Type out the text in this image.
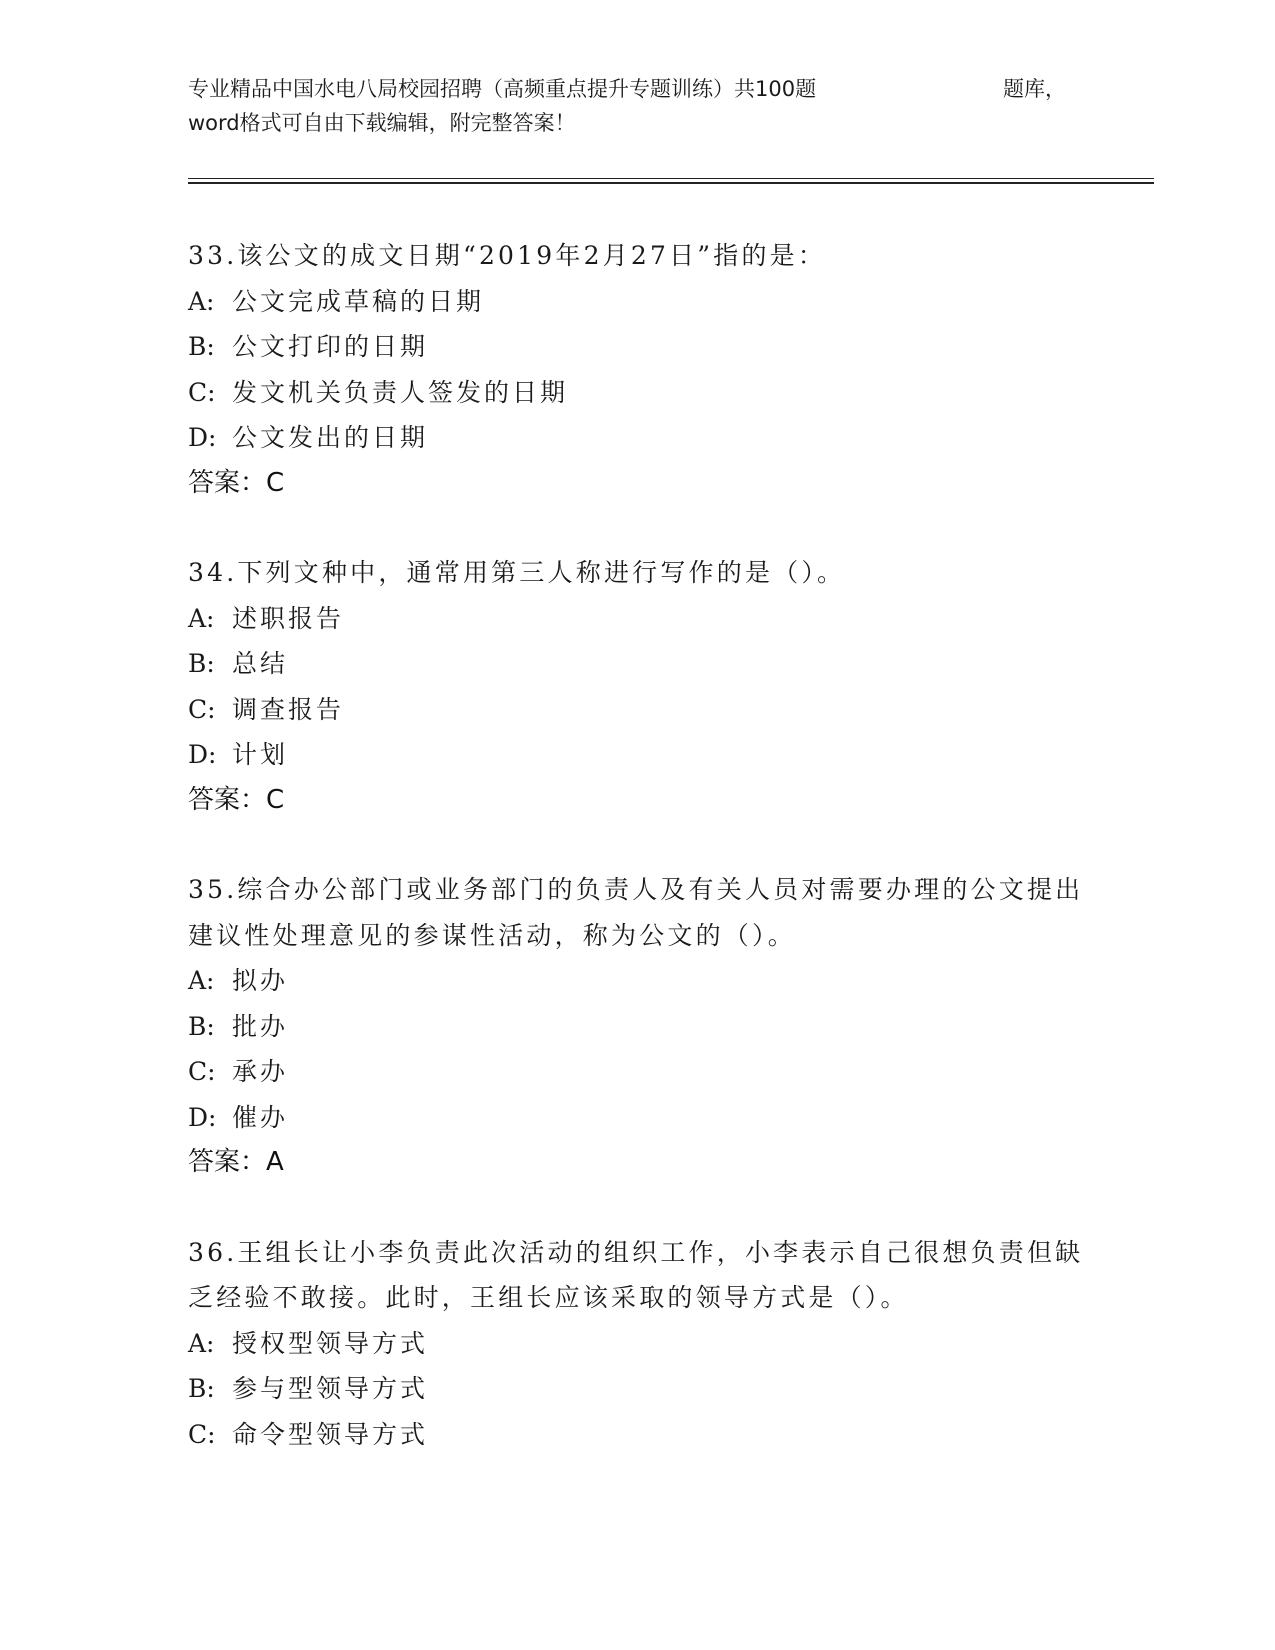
专业精品中国水电八局校园招聘（高频重点提升专题训练）共100题	题库，
word格式可自由下载编辑，附完整答案！
33.该公文的成文日期“2019年2月27日”指的是：
A: 公文完成草稿的日期
B: 公文打印的日期
C: 发文机关负责人签发的日期
D: 公文发出的日期
答案：C
34.下列文种中，通常用第三人称进行写作的是（）。
A: 述职报告
B: 总结
C: 调查报告
D: 计划
答案：C
35.综合办公部门或业务部门的负责人及有关人员对需要办理的公文提出建议性处理意见的参谋性活动，称为公文的（）。
A: 拟办
B: 批办
C: 承办
D: 催办
答案：A
36.王组长让小李负责此次活动的组织工作，小李表示自己很想负责但缺乏经验不敢接。此时，王组长应该采取的领导方式是（）。
A: 授权型领导方式
B: 参与型领导方式
C: 命令型领导方式
